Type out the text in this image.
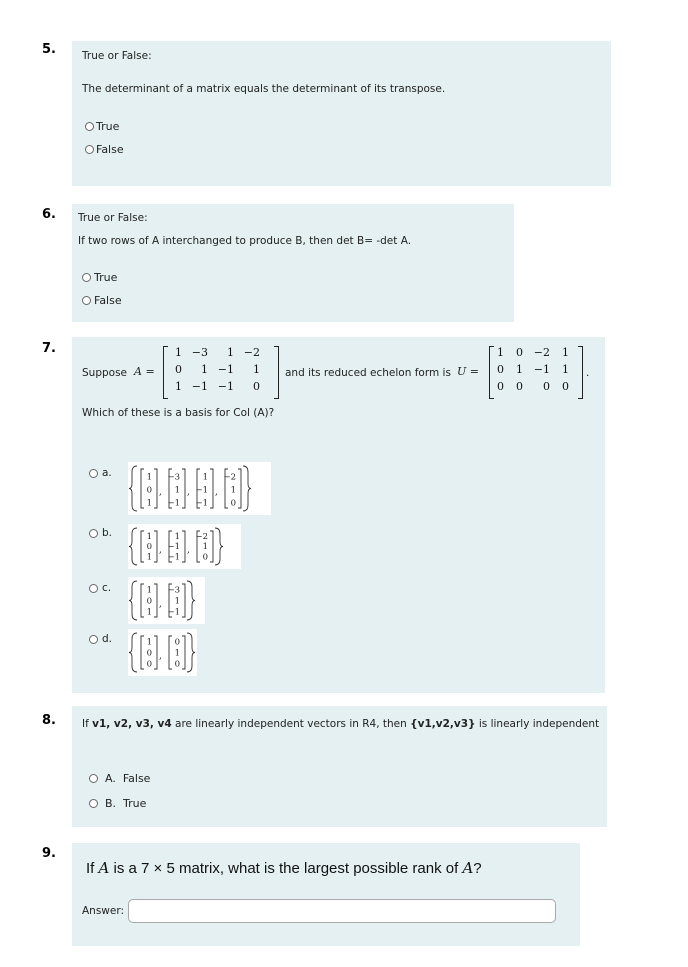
5. True or False:
The determinant of a matrix equals the determinant of its transpose.
True
False
6. True or False:
If two rows of A interchanged to produce B, then det B= -det A.
True
False
7.
Suppose A =
1 −3	1 −2
0	1 −1	1
1 −1 −1	0
and its reduced echelon form is U =
1	0 −2	1
0	1 −1	1
0	0	0	0
.
Which of these is a basis for Col (A)?
a.	1
0
1
,
−3
1
−1
,
1
−1
−1
,
−2
1
0
b.	1
0
1
,
1
−1
−1
,
−2
1
0
c.	1
0
1
,
−3
1
−1
d.	1
0
0
,
0
1
0
8. If v1, v2, v3, v4 are linearly independent vectors in R4, then {v1,v2,v3} is linearly independent
A. False
B. True
9.
If A is a 7 × 5 matrix, what is the largest possible rank of A?
Answer:
